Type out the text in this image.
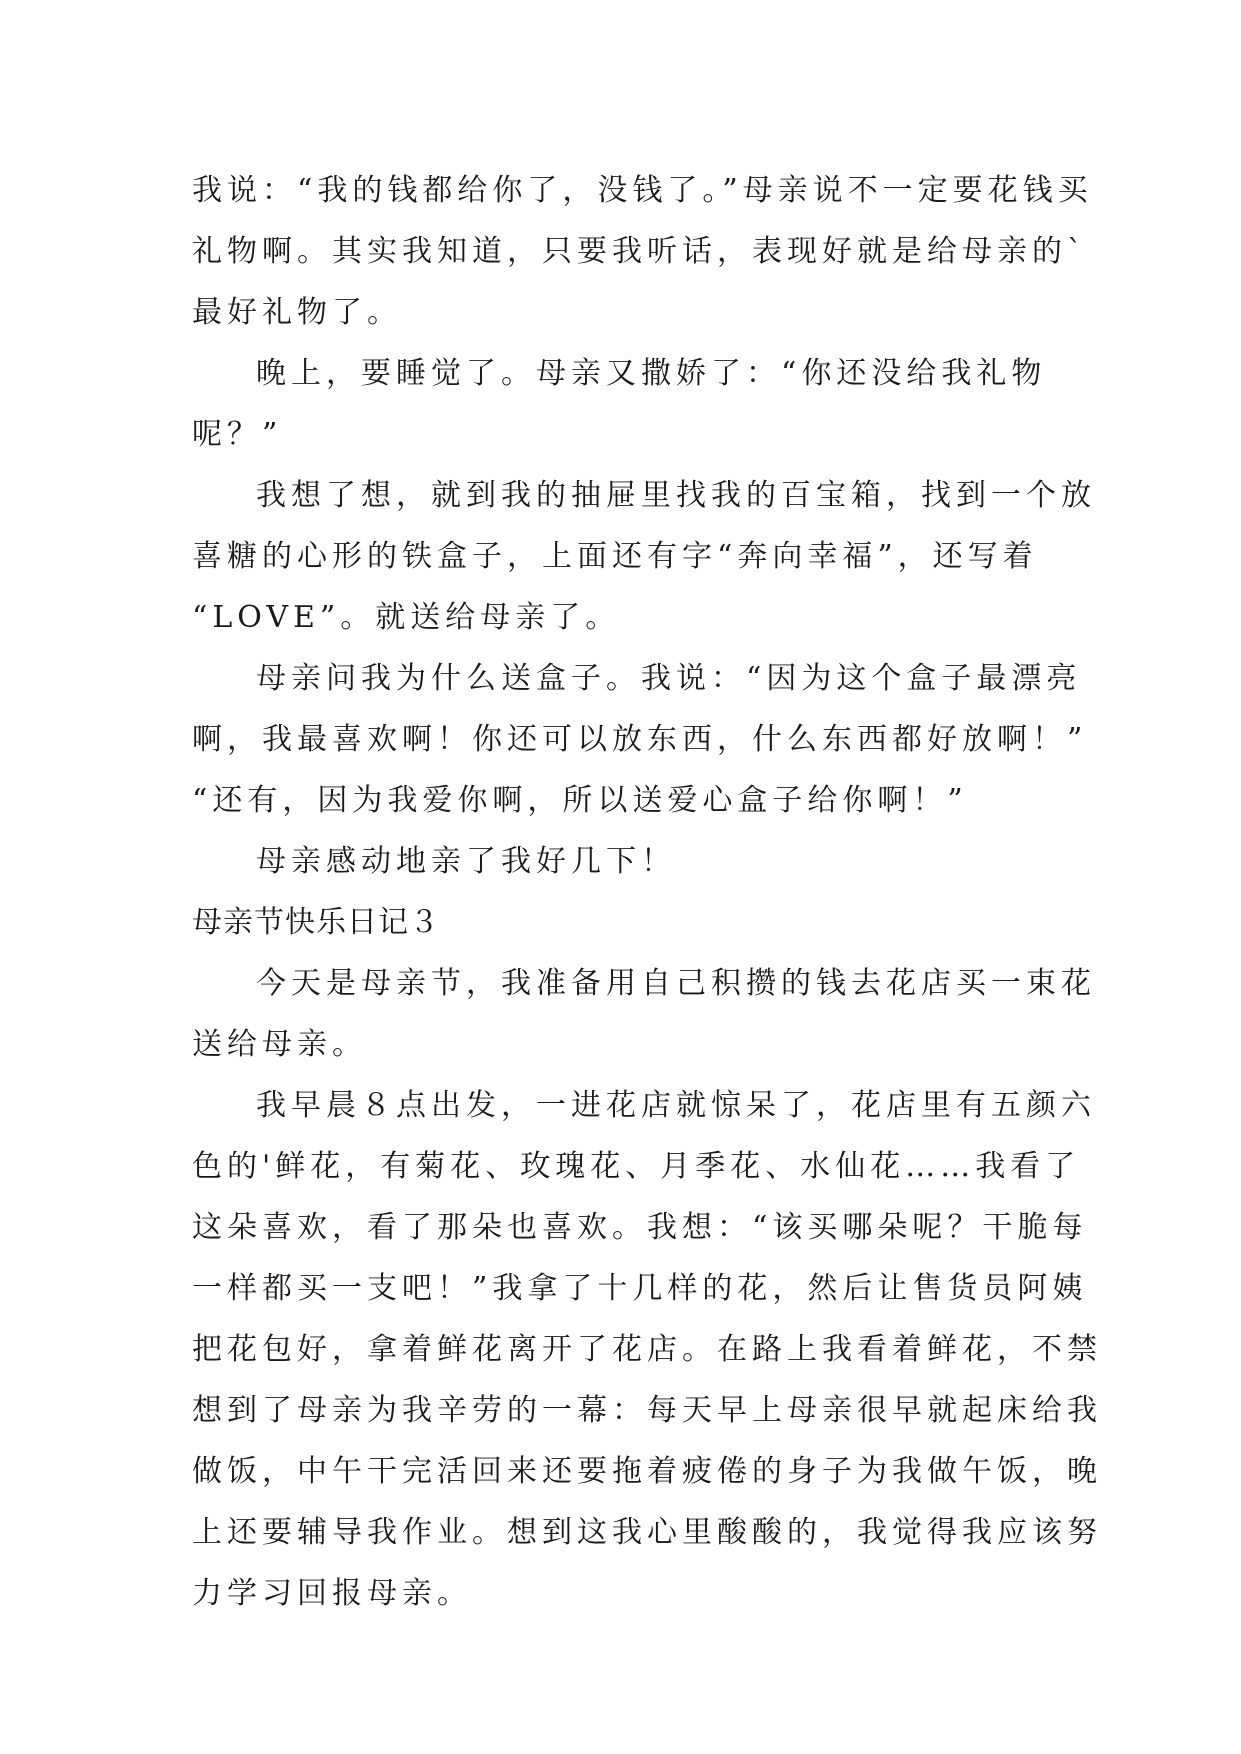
我说：“我的钱都给你了，没钱了。”母亲说不一定要花钱买
礼物啊。其实我知道，只要我听话，表现好就是给母亲的`
最好礼物了。
晚上，要睡觉了。母亲又撒娇了：“你还没给我礼物
呢？”
我想了想，就到我的抽屉里找我的百宝箱，找到一个放
喜糖的心形的铁盒子，上面还有字“奔向幸福”，还写着
“LOVE”。就送给母亲了。
母亲问我为什么送盒子。我说：“因为这个盒子最漂亮
啊，我最喜欢啊！你还可以放东西，什么东西都好放啊！”
“还有，因为我爱你啊，所以送爱心盒子给你啊！”
母亲感动地亲了我好几下！
母亲节快乐日记３
今天是母亲节，我准备用自己积攒的钱去花店买一束花
送给母亲。
我早晨８点出发，一进花店就惊呆了，花店里有五颜六
色的'鲜花，有菊花、玫瑰花、月季花、水仙花……我看了
这朵喜欢，看了那朵也喜欢。我想：“该买哪朵呢？干脆每
一样都买一支吧！”我拿了十几样的花，然后让售货员阿姨
把花包好，拿着鲜花离开了花店。在路上我看着鲜花，不禁
想到了母亲为我辛劳的一幕：每天早上母亲很早就起床给我
做饭，中午干完活回来还要拖着疲倦的身子为我做午饭，晚
上还要辅导我作业。想到这我心里酸酸的，我觉得我应该努
力学习回报母亲。
